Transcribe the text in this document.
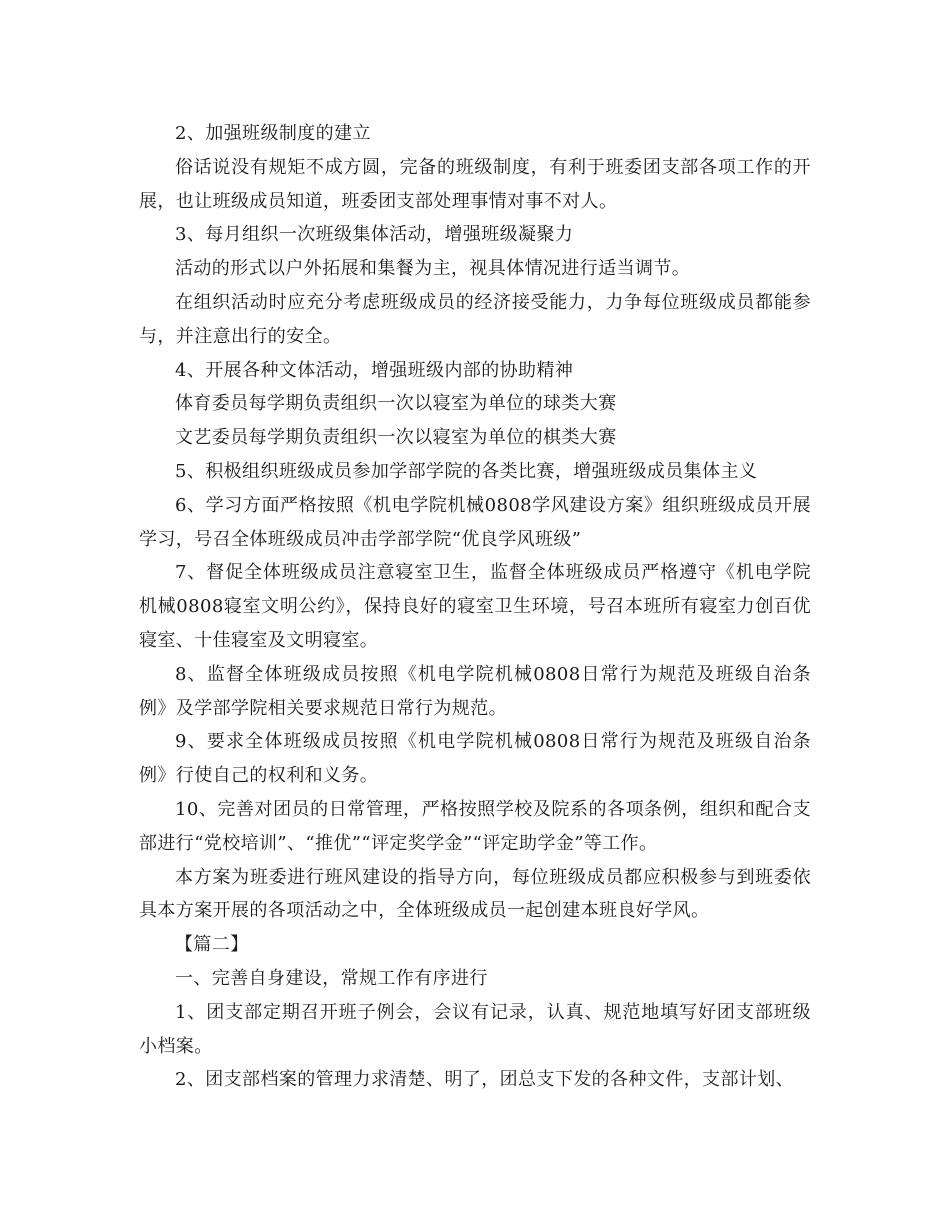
2、加强班级制度的建立

俗话说没有规矩不成方圆，完备的班级制度，有利于班委团支部各项工作的开展，也让班级成员知道，班委团支部处理事情对事不对人。

3、每月组织一次班级集体活动，增强班级凝聚力

活动的形式以户外拓展和集餐为主，视具体情况进行适当调节。

在组织活动时应充分考虑班级成员的经济接受能力，力争每位班级成员都能参与，并注意出行的安全。

4、开展各种文体活动，增强班级内部的协助精神

体育委员每学期负责组织一次以寝室为单位的球类大赛

文艺委员每学期负责组织一次以寝室为单位的棋类大赛

5、积极组织班级成员参加学部学院的各类比赛，增强班级成员集体主义

6、学习方面严格按照《机电学院机械0808学风建设方案》组织班级成员开展学习，号召全体班级成员冲击学部学院“优良学风班级”

7、督促全体班级成员注意寝室卫生，监督全体班级成员严格遵守《机电学院机械0808寝室文明公约》，保持良好的寝室卫生环境，号召本班所有寝室力创百优寝室、十佳寝室及文明寝室。

8、监督全体班级成员按照《机电学院机械0808日常行为规范及班级自治条例》及学部学院相关要求规范日常行为规范。

9、要求全体班级成员按照《机电学院机械0808日常行为规范及班级自治条例》行使自己的权利和义务。

10、完善对团员的日常管理，严格按照学校及院系的各项条例，组织和配合支部进行“党校培训”、“推优”“评定奖学金”“评定助学金”等工作。

本方案为班委进行班风建设的指导方向，每位班级成员都应积极参与到班委依具本方案开展的各项活动之中，全体班级成员一起创建本班良好学风。

【篇二】

一、完善自身建设，常规工作有序进行

1、团支部定期召开班子例会，会议有记录，认真、规范地填写好团支部班级小档案。

2、团支部档案的管理力求清楚、明了，团总支下发的各种文件，支部计划、
